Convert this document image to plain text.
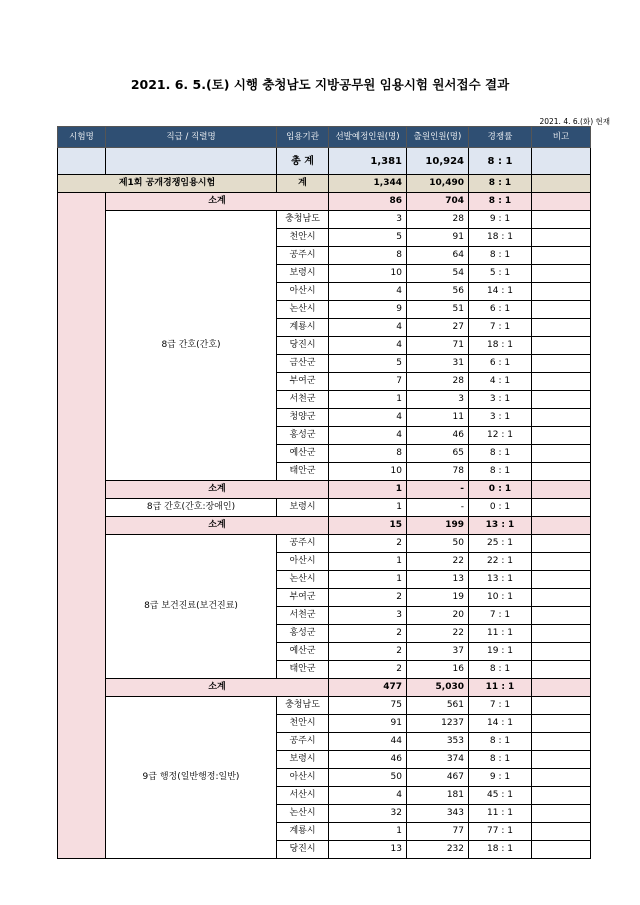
2021. 6. 5.(토) 시행 충청남도 지방공무원 임용시험 원서접수 결과
2021. 4. 6.(화) 현재
시험명	직급 / 직렬명	임용기관	선발예정인원(명)	출원인원(명)	경쟁률	비고
		총 계	1,381	10,924	8 : 1	
제1회 공개경쟁임용시험		계	1,344	10,490	8 : 1	
	소계		86	704	8 : 1	
	8급 간호(간호)	충청남도	3	28	9 : 1	
		천안시	5	91	18 : 1	
		공주시	8	64	8 : 1	
		보령시	10	54	5 : 1	
		아산시	4	56	14 : 1	
		논산시	9	51	6 : 1	
		계룡시	4	27	7 : 1	
		당진시	4	71	18 : 1	
		금산군	5	31	6 : 1	
		부여군	7	28	4 : 1	
		서천군	1	3	3 : 1	
		청양군	4	11	3 : 1	
		홍성군	4	46	12 : 1	
		예산군	8	65	8 : 1	
		태안군	10	78	8 : 1	
	소계		1	-	0 : 1	
	8급 간호(간호:장애인)	보령시	1	-	0 : 1	
	소계		15	199	13 : 1	
	8급 보건진료(보건진료)	공주시	2	50	25 : 1	
		아산시	1	22	22 : 1	
		논산시	1	13	13 : 1	
		부여군	2	19	10 : 1	
		서천군	3	20	7 : 1	
		홍성군	2	22	11 : 1	
		예산군	2	37	19 : 1	
		태안군	2	16	8 : 1	
	소계		477	5,030	11 : 1	
	9급 행정(일반행정:일반)	충청남도	75	561	7 : 1	
		천안시	91	1237	14 : 1	
		공주시	44	353	8 : 1	
		보령시	46	374	8 : 1	
		아산시	50	467	9 : 1	
		서산시	4	181	45 : 1	
		논산시	32	343	11 : 1	
		계룡시	1	77	77 : 1	
		당진시	13	232	18 : 1	
